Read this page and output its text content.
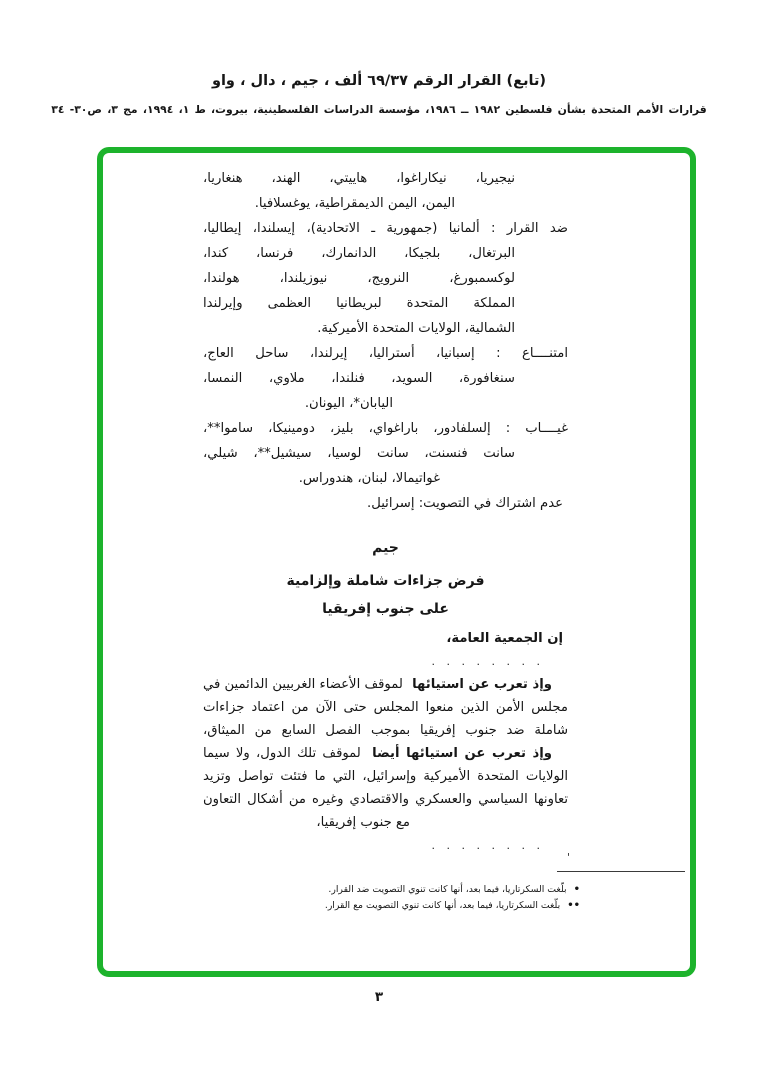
(تابع) القرار الرقم ٦٩/٣٧ ألف ، جيم ، دال ، واو
قرارات الأمم المتحدة بشأن فلسطين ١٩٨٢ ــ ١٩٨٦، مؤسسة الدراسات الفلسطينية، بيروت، ط ١، ١٩٩٤، مج ٣، ص٣٠- ٣٤
نيجيريا، نيكاراغوا، هاييتي، الهند، هنغاريا،
اليمن، اليمن الديمقراطية، يوغسلافيا.
ضد القرار : ألمانيا (جمهورية ـ الاتحادية)، إيسلندا، إيطاليا،
البرتغال، بلجيكا، الدانمارك، فرنسا، كندا،
لوكسمبورغ، النرويج، نيوزيلندا، هولندا،
المملكة المتحدة لبريطانيا العظمى وإيرلندا
الشمالية، الولايات المتحدة الأميركية.
امتنــــاع : إسبانيا، أستراليا، إيرلندا، ساحل العاج،
سنغافورة، السويد، فنلندا، ملاوي، النمسا،
اليابان*، اليونان.
غيــــاب : إلسلفادور، باراغواي، بليز، دومينيكا، ساموا**،
سانت فنسنت، سانت لوسيا، سيشيل**، شيلي،
غواتيمالا، لبنان، هندوراس.
عدم اشتراك في التصويت: إسرائيل.
جيم
فرض جزاءات شاملة وإلزامية
على جنوب إفريقيا
إن الجمعية العامة،
. . . . . . . .
وإذ تعرب عن استيائها لموقف الأعضاء الغربيين الدائمين في
مجلس الأمن الذين منعوا المجلس حتى الآن من اعتماد جزاءات
شاملة ضد جنوب إفريقيا بموجب الفصل السابع من الميثاق،
وإذ تعرب عن استيائها أيضا لموقف تلك الدول، ولا سيما
الولايات المتحدة الأميركية وإسرائيل، التي ما فتئت تواصل وتزيد
تعاونها السياسي والعسكري والاقتصادي وغيره من أشكال التعاون
مع جنوب إفريقيا،
. . . . . . . .
'
•بلّغت السكرتاريا، فيما بعد، أنها كانت تنوي التصويت ضد القرار.
••بلّغت السكرتاريا، فيما بعد، أنها كانت تنوي التصويت مع القرار.
٣
